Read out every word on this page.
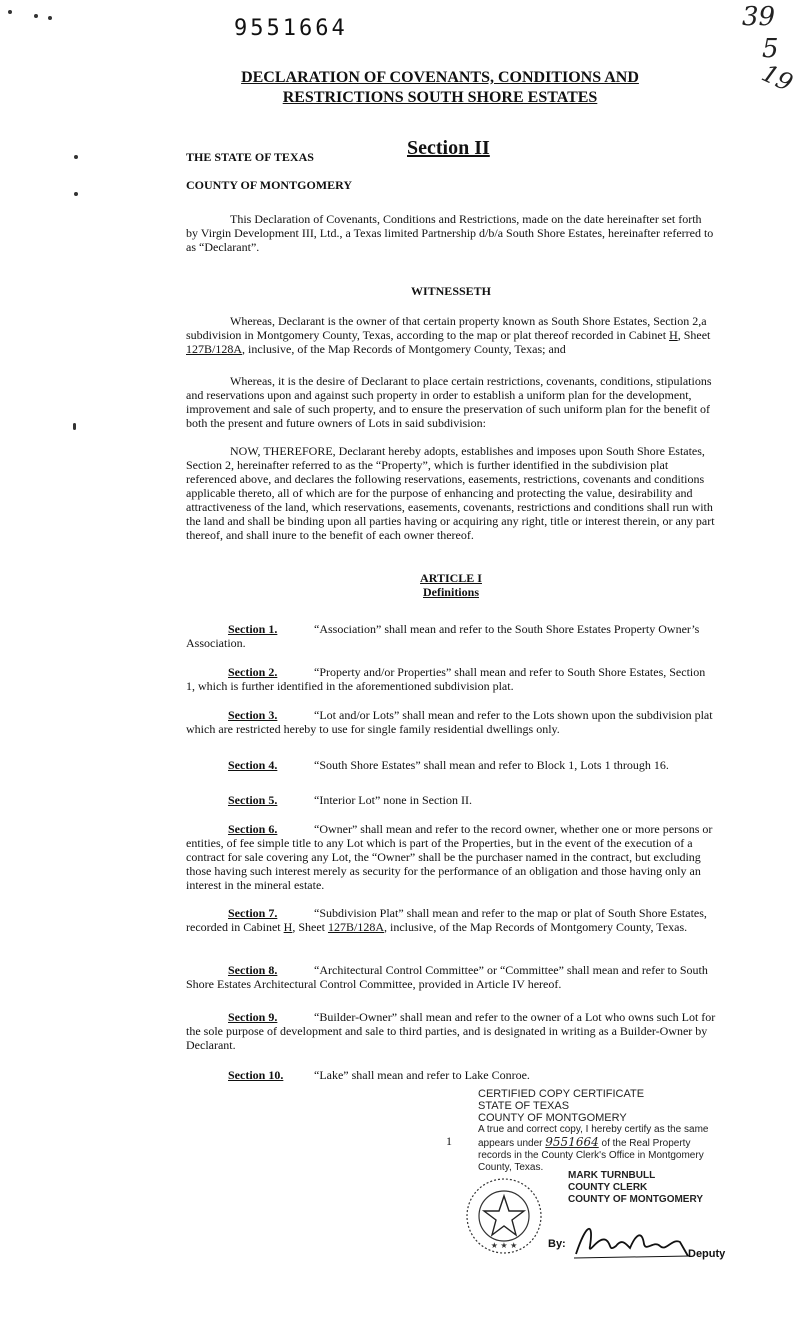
9551664	39
5
19
DECLARATION OF COVENANTS, CONDITIONS AND
RESTRICTIONS SOUTH SHORE ESTATES
Section II
THE STATE OF TEXAS
COUNTY OF MONTGOMERY
This Declaration of Covenants, Conditions and Restrictions, made on the date hereinafter set forth by Virgin Development III, Ltd., a Texas limited Partnership d/b/a South Shore Estates, hereinafter referred to as “Declarant”.
WITNESSETH
Whereas, Declarant is the owner of that certain property known as South Shore Estates, Section 2,a subdivision in Montgomery County, Texas, according to the map or plat thereof recorded in Cabinet H, Sheet 127B/128A, inclusive, of the Map Records of Montgomery County, Texas; and
Whereas, it is the desire of Declarant to place certain restrictions, covenants, conditions, stipulations and reservations upon and against such property in order to establish a uniform plan for the development, improvement and sale of such property, and to ensure the preservation of such uniform plan for the benefit of both the present and future owners of Lots in said subdivision:
NOW, THEREFORE, Declarant hereby adopts, establishes and imposes upon South Shore Estates, Section 2, hereinafter referred to as the “Property”, which is further identified in the subdivision plat referenced above, and declares the following reservations, easements, restrictions, covenants and conditions applicable thereto, all of which are for the purpose of enhancing and protecting the value, desirability and attractiveness of the land, which reservations, easements, covenants, restrictions and conditions shall run with the land and shall be binding upon all parties having or acquiring any right, title or interest therein, or any part thereof, and shall inure to the benefit of each owner thereof.
ARTICLE I
Definitions
Section 1.	“Association” shall mean and refer to the South Shore Estates Property Owner’s Association.
Section 2.	“Property and/or Properties” shall mean and refer to South Shore Estates, Section 1, which is further identified in the aforementioned subdivision plat.
Section 3.	“Lot and/or Lots” shall mean and refer to the Lots shown upon the subdivision plat which are restricted hereby to use for single family residential dwellings only.
Section 4.	“South Shore Estates” shall mean and refer to Block 1, Lots 1 through 16.
Section 5.	“Interior Lot” none in Section II.
Section 6.	“Owner” shall mean and refer to the record owner, whether one or more persons or entities, of fee simple title to any Lot which is part of the Properties, but in the event of the execution of a contract for sale covering any Lot, the “Owner” shall be the purchaser named in the contract, but excluding those having such interest merely as security for the performance of an obligation and those having only an interest in the mineral estate.
Section 7.	“Subdivision Plat” shall mean and refer to the map or plat of South Shore Estates, recorded in Cabinet H, Sheet 127B/128A, inclusive, of the Map Records of Montgomery County, Texas.
Section 8.	“Architectural Control Committee” or “Committee” shall mean and refer to South Shore Estates Architectural Control Committee, provided in Article IV hereof.
Section 9.	“Builder-Owner” shall mean and refer to the owner of a Lot who owns such Lot for the sole purpose of development and sale to third parties, and is designated in writing as a Builder-Owner by Declarant.
Section 10.	“Lake” shall mean and refer to Lake Conroe.
1
CERTIFIED COPY CERTIFICATE
STATE OF TEXAS
COUNTY OF MONTGOMERY
A true and correct copy, I hereby certify as the same
appears under 9551664 of the Real Property
records in the County Clerk's Office in Montgomery
County, Texas.
MARK TURNBULL
COUNTY CLERK
COUNTY OF MONTGOMERY
★ ★ ★	By:
Deputy
